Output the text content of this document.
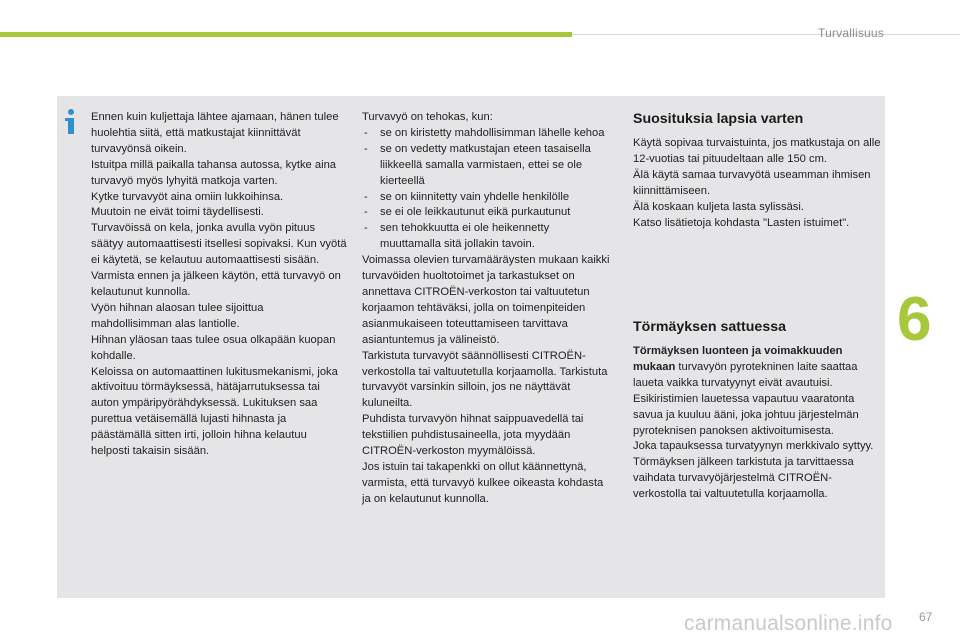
Turvallisuus

Ennen kuin kuljettaja lähtee ajamaan, hänen tulee huolehtia siitä, että matkustajat kiinnittävät turvavyönsä oikein.

Istuitpa millä paikalla tahansa autossa, kytke aina turvavyö myös lyhyitä matkoja varten.

Kytke turvavyöt aina omiin lukkoihinsa.

Muutoin ne eivät toimi täydellisesti.

Turvavöissä on kela, jonka avulla vyön pituus säätyy automaattisesti itsellesi sopivaksi. Kun vyötä ei käytetä, se kelautuu automaattisesti sisään.

Varmista ennen ja jälkeen käytön, että turvavyö on kelautunut kunnolla.

Vyön hihnan alaosan tulee sijoittua mahdollisimman alas lantiolle.

Hihnan yläosan taas tulee osua olkapään kuopan kohdalle.

Keloissa on automaattinen lukitusmekanismi, joka aktivoituu törmäyksessä, hätäjarrutuksessa tai auton ympäripyörähdyksessä. Lukituksen saa purettua vetäisemällä lujasti hihnasta ja päästämällä sitten irti, jolloin hihna kelautuu helposti takaisin sisään.

Turvavyö on tehokas, kun:

- se on kiristetty mahdollisimman lähelle kehoa

- se on vedetty matkustajan eteen tasaisella liikkeellä samalla varmistaen, ettei se ole kierteellä

- se on kiinnitetty vain yhdelle henkilölle

- se ei ole leikkautunut eikä purkautunut

- sen tehokkuutta ei ole heikennetty muuttamalla sitä jollakin tavoin.

Voimassa olevien turvamääräysten mukaan kaikki turvavöiden huoltotoimet ja tarkastukset on annettava CITROËN-verkoston tai valtuutetun korjaamon tehtäväksi, jolla on toimenpiteiden asianmukaiseen toteuttamiseen tarvittava asiantuntemus ja välineistö.

Tarkistuta turvavyöt säännöllisesti CITROËN-verkostolla tai valtuutetulla korjaamolla. Tarkistuta turvavyöt varsinkin silloin, jos ne näyttävät kuluneilta.

Puhdista turvavyön hihnat saippuavedellä tai tekstiilien puhdistusaineella, jota myydään CITROËN-verkoston myymälöissä.

Jos istuin tai takapenkki on ollut käännettynä, varmista, että turvavyö kulkee oikeasta kohdasta ja on kelautunut kunnolla.

Suosituksia lapsia varten

Käytä sopivaa turvaistuinta, jos matkustaja on alle 12-vuotias tai pituudeltaan alle 150 cm.

Älä käytä samaa turvavyötä useamman ihmisen kiinnittämiseen.

Älä koskaan kuljeta lasta sylissäsi.

Katso lisätietoja kohdasta "Lasten istuimet".

Törmäyksen sattuessa

Törmäyksen luonteen ja voimakkuuden mukaan turvavyön pyrotekninen laite saattaa laueta vaikka turvatyynyt eivät avautuisi. Esikiristimien lauetessa vapautuu vaaratonta savua ja kuuluu ääni, joka johtuu järjestelmän pyroteknisen panoksen aktivoitumisesta.

Joka tapauksessa turvatyynyn merkkivalo syttyy.

Törmäyksen jälkeen tarkistuta ja tarvittaessa vaihdata turvavyöjärjestelmä CITROËN-verkostolla tai valtuutetulla korjaamolla.

6
carmanualsonline.info 67
